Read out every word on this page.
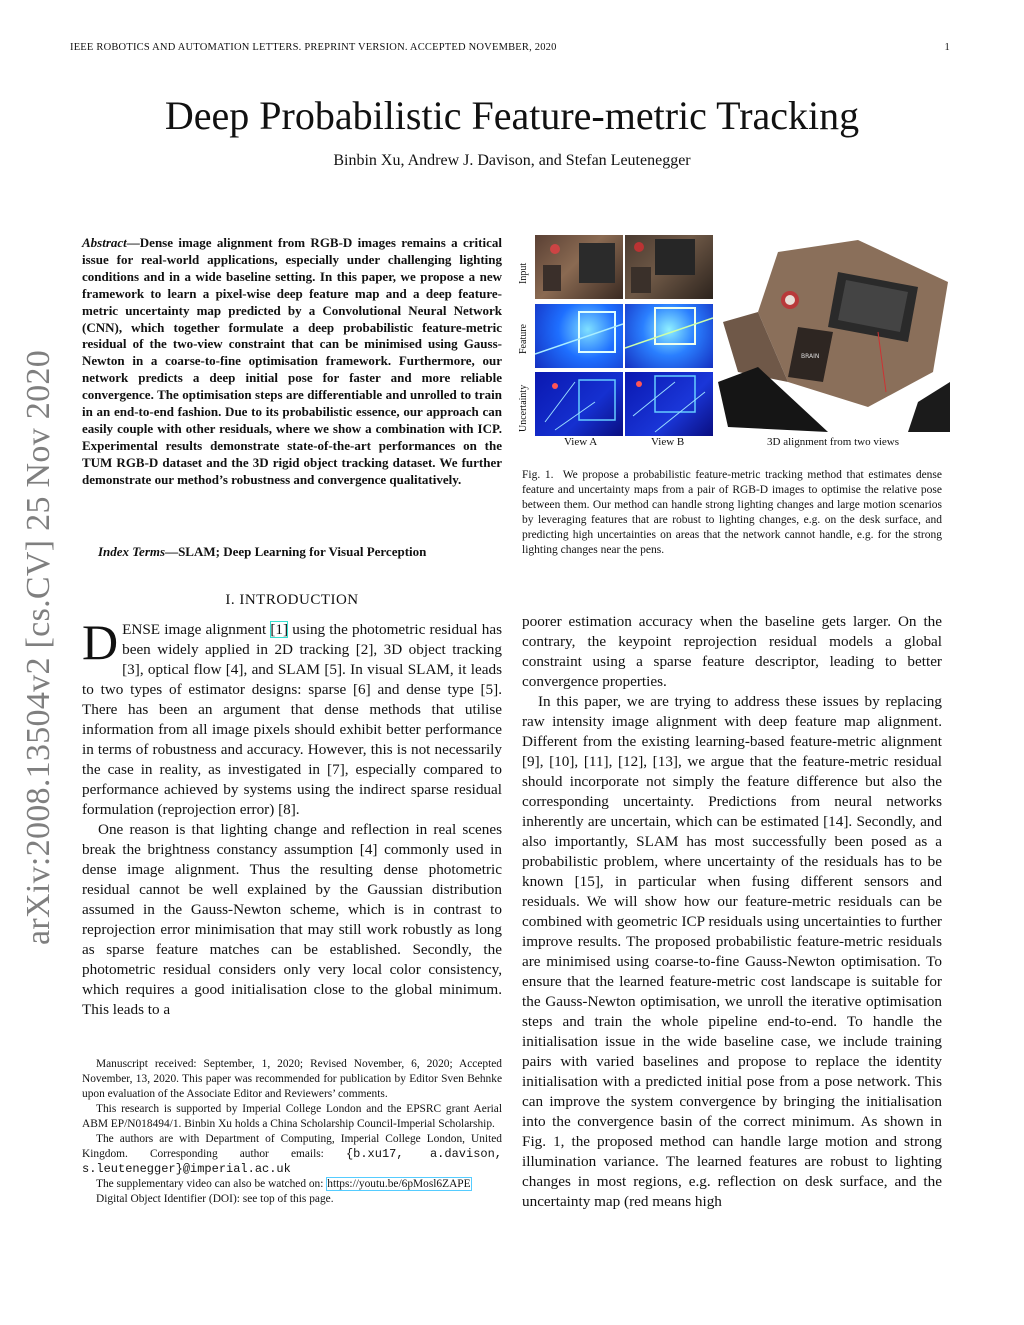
IEEE ROBOTICS AND AUTOMATION LETTERS. PREPRINT VERSION. ACCEPTED NOVEMBER, 2020	1
Deep Probabilistic Feature-metric Tracking
Binbin Xu, Andrew J. Davison, and Stefan Leutenegger
arXiv:2008.13504v2 [cs.CV] 25 Nov 2020
Abstract—Dense image alignment from RGB-D images remains a critical issue for real-world applications, especially under challenging lighting conditions and in a wide baseline setting. In this paper, we propose a new framework to learn a pixel-wise deep feature map and a deep feature-metric uncertainty map predicted by a Convolutional Neural Network (CNN), which together formulate a deep probabilistic feature-metric residual of the two-view constraint that can be minimised using Gauss-Newton in a coarse-to-fine optimisation framework. Furthermore, our network predicts a deep initial pose for faster and more reliable convergence. The optimisation steps are differentiable and unrolled to train in an end-to-end fashion. Due to its probabilistic essence, our approach can easily couple with other residuals, where we show a combination with ICP. Experimental results demonstrate state-of-the-art performances on the TUM RGB-D dataset and the 3D rigid object tracking dataset. We further demonstrate our method’s robustness and convergence qualitatively.
Index Terms—SLAM; Deep Learning for Visual Perception
I. INTRODUCTION

DENSE image alignment [1] using the photometric residual has been widely applied in 2D tracking [2], 3D object tracking [3], optical flow [4], and SLAM [5]. In visual SLAM, it leads to two types of estimator designs: sparse [6] and dense type [5]. There has been an argument that dense methods that utilise information from all image pixels should exhibit better performance in terms of robustness and accuracy. However, this is not necessarily the case in reality, as investigated in [7], especially compared to performance achieved by systems using the indirect sparse residual formulation (reprojection error) [8].

One reason is that lighting change and reflection in real scenes break the brightness constancy assumption [4] commonly used in dense image alignment. Thus the resulting dense photometric residual cannot be well explained by the Gaussian distribution assumed in the Gauss-Newton scheme, which is in contrast to reprojection error minimisation that may still work robustly as long as sparse feature matches can be established. Secondly, the photometric residual considers only very local color consistency, which requires a good initialisation close to the global minimum. This leads to a

Manuscript received: September, 1, 2020; Revised November, 6, 2020; Accepted November, 13, 2020. This paper was recommended for publication by Editor Sven Behnke upon evaluation of the Associate Editor and Reviewers’ comments.

This research is supported by Imperial College London and the EPSRC grant Aerial ABM EP/N018494/1. Binbin Xu holds a China Scholarship Council-Imperial Scholarship.

The authors are with Department of Computing, Imperial College London, United Kingdom. Corresponding author emails: {b.xu17, a.davison, s.leutenegger}@imperial.ac.uk

The supplementary video can also be watched on: https://youtu.be/6pMosl6ZAPE

Digital Object Identifier (DOI): see top of this page.

Input
Feature
Uncertainty
BRAIN
View A	View B	3D alignment from two views
Fig. 1. We propose a probabilistic feature-metric tracking method that estimates dense feature and uncertainty maps from a pair of RGB-D images to optimise the relative pose between them. Our method can handle strong lighting changes and large motion scenarios by leveraging features that are robust to lighting changes, e.g. on the desk surface, and predicting high uncertainties on areas that the network cannot handle, e.g. for the strong lighting changes near the pens.

poorer estimation accuracy when the baseline gets larger. On the contrary, the keypoint reprojection residual models a global constraint using a sparse feature descriptor, leading to better convergence properties.

In this paper, we are trying to address these issues by replacing raw intensity image alignment with deep feature map alignment. Different from the existing learning-based feature-metric alignment [9], [10], [11], [12], [13], we argue that the feature-metric residual should incorporate not simply the feature difference but also the corresponding uncertainty. Predictions from neural networks inherently are uncertain, which can be estimated [14]. Secondly, and also importantly, SLAM has most successfully been posed as a probabilistic problem, where uncertainty of the residuals has to be known [15], in particular when fusing different sensors and residuals. We will show how our feature-metric residuals can be combined with geometric ICP residuals using uncertainties to further improve results. The proposed probabilistic feature-metric residuals are minimised using coarse-to-fine Gauss-Newton optimisation. To ensure that the learned feature-metric cost landscape is suitable for the Gauss-Newton optimisation, we unroll the iterative optimisation steps and train the whole pipeline end-to-end. To handle the initialisation issue in the wide baseline case, we include training pairs with varied baselines and propose to replace the identity initialisation with a predicted initial pose from a pose network. This can improve the system convergence by bringing the initialisation into the convergence basin of the correct minimum. As shown in Fig. 1, the proposed method can handle large motion and strong illumination variance. The learned features are robust to lighting changes in most regions, e.g. reflection on desk surface, and the uncertainty map (red means high
